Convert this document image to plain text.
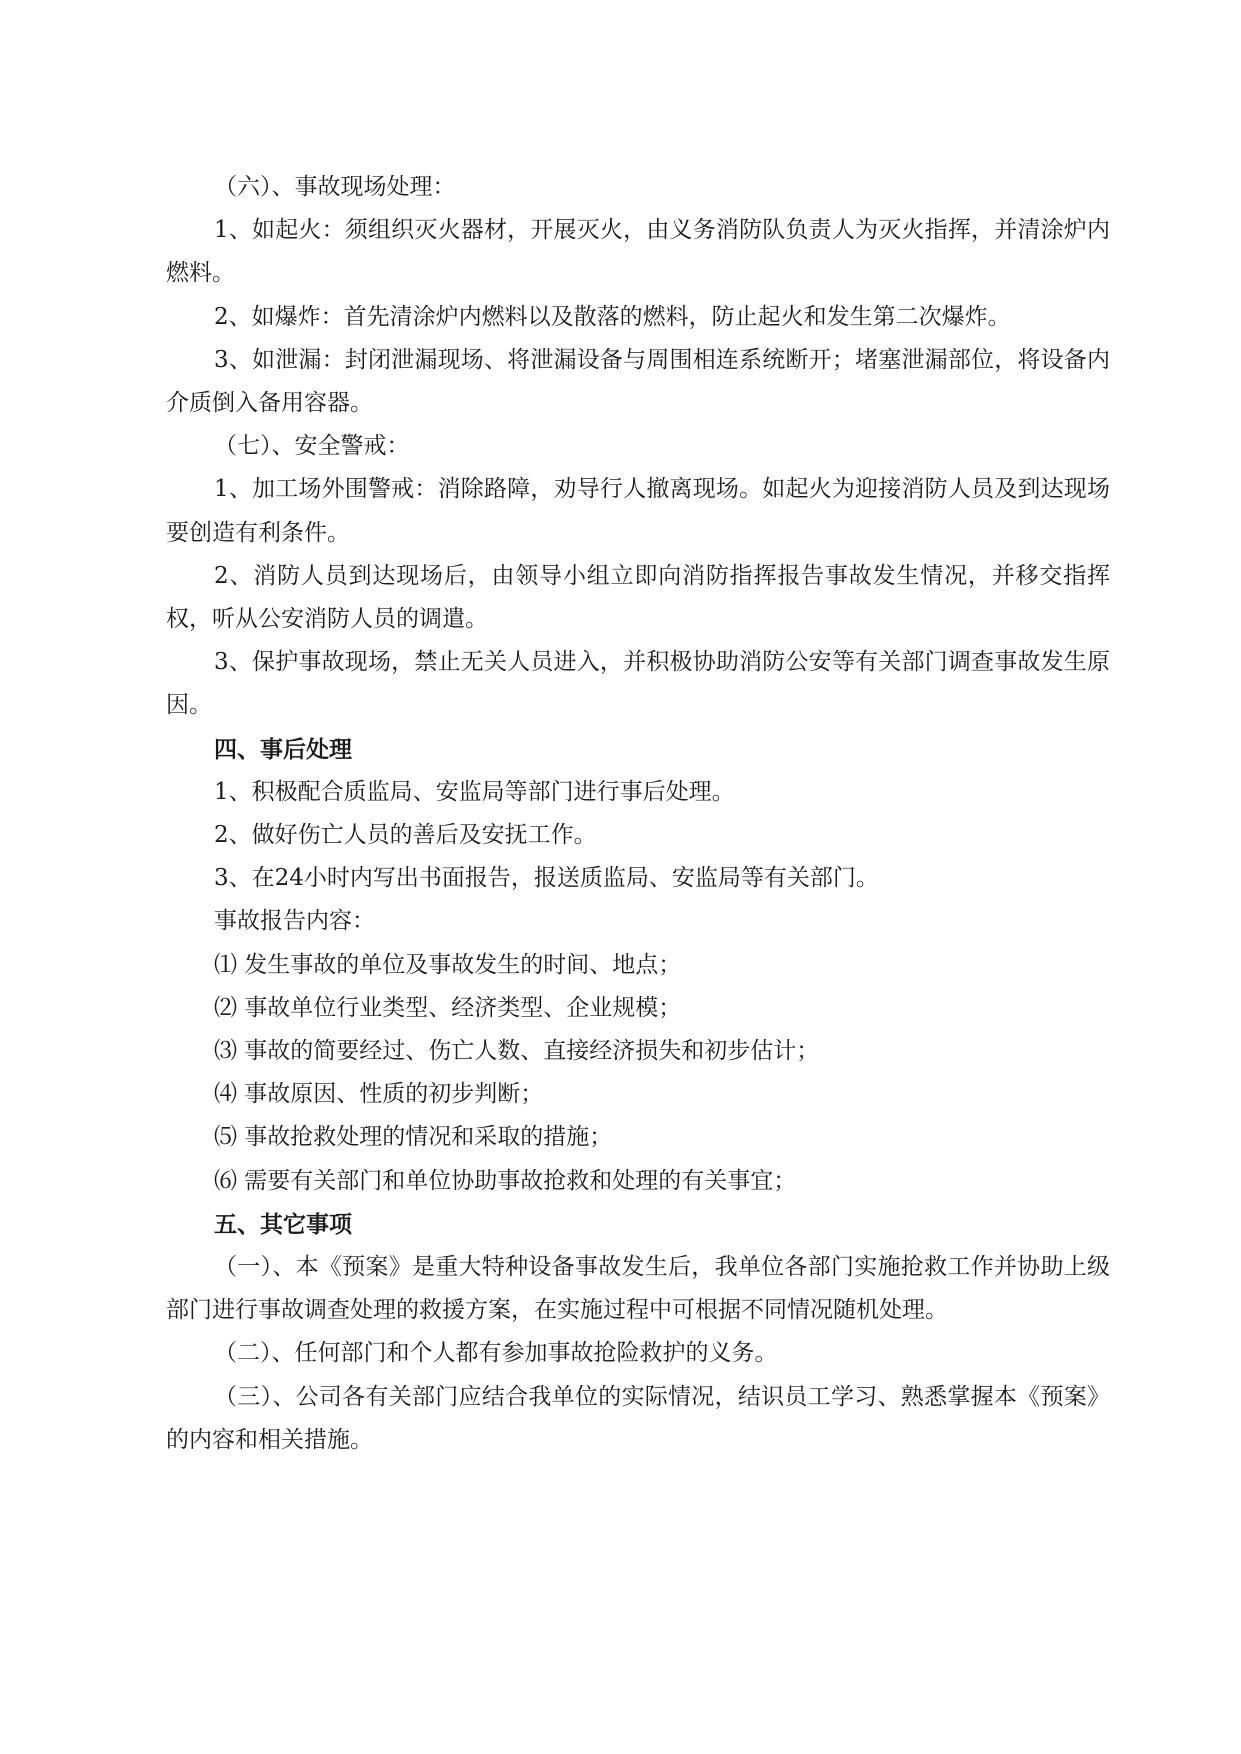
（六）、事故现场处理：

1、如起火：须组织灭火器材，开展灭火，由义务消防队负责人为灭火指挥，并清涂炉内燃料。

2、如爆炸：首先清涂炉内燃料以及散落的燃料，防止起火和发生第二次爆炸。

3、如泄漏：封闭泄漏现场、将泄漏设备与周围相连系统断开；堵塞泄漏部位，将设备内介质倒入备用容器。

（七）、安全警戒：

1、加工场外围警戒：消除路障，劝导行人撤离现场。如起火为迎接消防人员及到达现场要创造有利条件。

2、消防人员到达现场后，由领导小组立即向消防指挥报告事故发生情况，并移交指挥权，听从公安消防人员的调遣。

3、保护事故现场，禁止无关人员进入，并积极协助消防公安等有关部门调查事故发生原因。

四、事后处理

1、积极配合质监局、安监局等部门进行事后处理。

2、做好伤亡人员的善后及安抚工作。

3、在24小时内写出书面报告，报送质监局、安监局等有关部门。

事故报告内容：

⑴ 发生事故的单位及事故发生的时间、地点；

⑵ 事故单位行业类型、经济类型、企业规模；

⑶ 事故的简要经过、伤亡人数、直接经济损失和初步估计；

⑷ 事故原因、性质的初步判断；

⑸ 事故抢救处理的情况和采取的措施；

⑹ 需要有关部门和单位协助事故抢救和处理的有关事宜；

五、其它事项

（一）、本《预案》是重大特种设备事故发生后，我单位各部门实施抢救工作并协助上级部门进行事故调查处理的救援方案，在实施过程中可根据不同情况随机处理。

（二）、任何部门和个人都有参加事故抢险救护的义务。

（三）、公司各有关部门应结合我单位的实际情况，结识员工学习、熟悉掌握本《预案》的内容和相关措施。
